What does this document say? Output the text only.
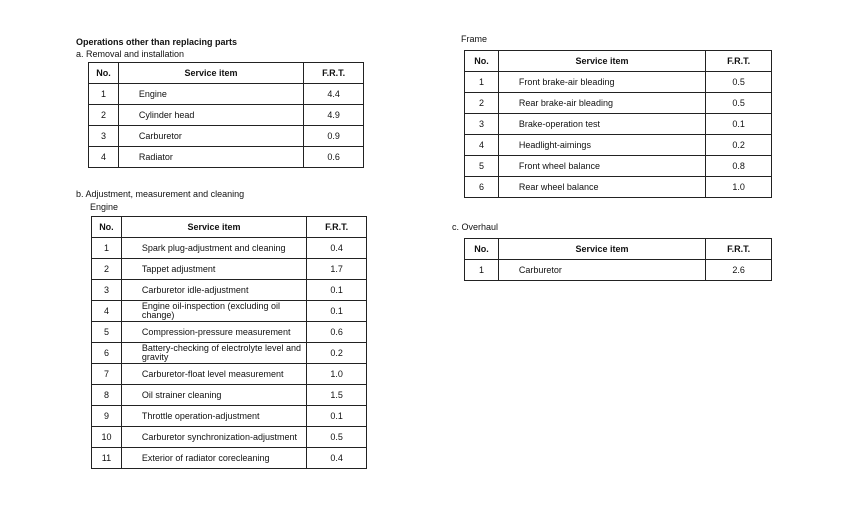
Operations other than replacing parts
a. Removal and installation
No.	Service item	F.R.T.
1	Engine	4.4
2	Cylinder head	4.9
3	Carburetor	0.9
4	Radiator	0.6
b. Adjustment, measurement and cleaning
Engine
No.	Service item	F.R.T.
1	Spark plug-adjustment and cleaning	0.4
2	Tappet adjustment	1.7
3	Carburetor idle-adjustment	0.1
4	Engine oil-inspection (excluding oil change)	0.1
5	Compression-pressure measurement	0.6
6	Battery-checking of electrolyte level and gravity	0.2
7	Carburetor-float level measurement	1.0
8	Oil strainer cleaning	1.5
9	Throttle operation-adjustment	0.1
10	Carburetor synchronization-adjustment	0.5
11	Exterior of radiator corecleaning	0.4
Frame
No.	Service item	F.R.T.
1	Front brake-air bleading	0.5
2	Rear brake-air bleading	0.5
3	Brake-operation test	0.1
4	Headlight-aimings	0.2
5	Front wheel balance	0.8
6	Rear wheel balance	1.0
c. Overhaul
No.	Service item	F.R.T.
1	Carburetor	2.6
